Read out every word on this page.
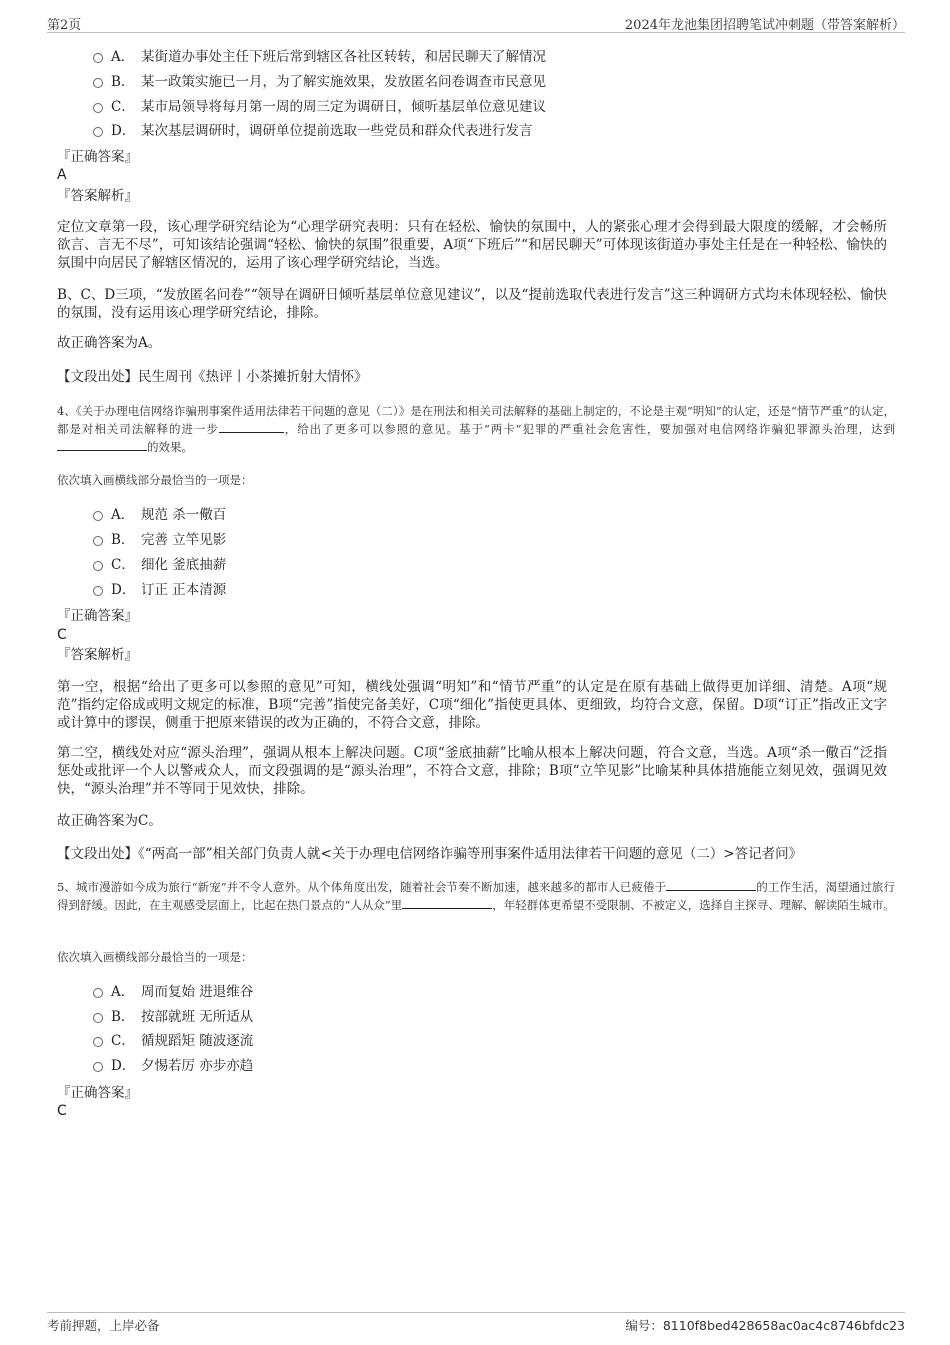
第2页	2024年龙池集团招聘笔试冲刺题（带答案解析）
A． 某街道办事处主任下班后常到辖区各社区转转，和居民聊天了解情况
B． 某一政策实施已一月，为了解实施效果，发放匿名问卷调查市民意见
C． 某市局领导将每月第一周的周三定为调研日，倾听基层单位意见建议
D． 某次基层调研时，调研单位提前选取一些党员和群众代表进行发言
『正确答案』
A
『答案解析』
定位文章第一段，该心理学研究结论为“心理学研究表明：只有在轻松、愉快的氛围中，人的紧张心理才会得到最大限度的缓解，才会畅所欲言、言无不尽”，可知该结论强调“轻松、愉快的氛围”很重要，A项“下班后”“和居民聊天”可体现该街道办事处主任是在一种轻松、愉快的氛围中向居民了解辖区情况的，运用了该心理学研究结论，当选。
B、C、D三项，“发放匿名问卷”“领导在调研日倾听基层单位意见建议”，以及“提前选取代表进行发言”这三种调研方式均未体现轻松、愉快的氛围，没有运用该心理学研究结论，排除。
故正确答案为A。
【文段出处】民生周刊《热评丨小茶摊折射大情怀》
4、《关于办理电信网络诈骗刑事案件适用法律若干问题的意见（二）》是在刑法和相关司法解释的基础上制定的，不论是主观“明知”的认定，还是“情节严重”的认定，都是对相关司法解释的进一步	，给出了更多可以参照的意见。基于“两卡”犯罪的严重社会危害性，要加强对电信网络诈骗犯罪源头治理，达到的效果。
依次填入画横线部分最恰当的一项是：
A． 规范 杀一儆百
B． 完善 立竿见影
C． 细化 釜底抽薪
D． 订正 正本清源
『正确答案』
C
『答案解析』
第一空，根据“给出了更多可以参照的意见”可知，横线处强调“明知”和“情节严重”的认定是在原有基础上做得更加详细、清楚。A项“规范”指约定俗成或明文规定的标准，B项“完善”指使完备美好，C项“细化”指使更具体、更细致，均符合文意，保留。D项“订正”指改正文字或计算中的谬误，侧重于把原来错误的改为正确的，不符合文意，排除。
第二空，横线处对应“源头治理”，强调从根本上解决问题。C项“釜底抽薪”比喻从根本上解决问题，符合文意，当选。A项“杀一儆百”泛指惩处或批评一个人以警戒众人，而文段强调的是“源头治理”，不符合文意，排除；B项“立竿见影”比喻某种具体措施能立刻见效，强调见效快，“源头治理”并不等同于见效快，排除。
故正确答案为C。
【文段出处】《“两高一部”相关部门负责人就<关于办理电信网络诈骗等刑事案件适用法律若干问题的意见（二）>答记者问》
5、城市漫游如今成为旅行“新宠”并不令人意外。从个体角度出发，随着社会节奏不断加速，越来越多的都市人已疲倦于	的工作生活，渴望通过旅行得到舒缓。因此，在主观感受层面上，比起在热门景点的“人从众”里	，年轻群体更希望不受限制、不被定义，选择自主探寻、理解、解读陌生城市。
依次填入画横线部分最恰当的一项是：
A． 周而复始 进退维谷
B． 按部就班 无所适从
C． 循规蹈矩 随波逐流
D． 夕惕若厉 亦步亦趋
『正确答案』
C
考前押题，上岸必备	编号：8110f8bed428658ac0ac4c8746bfdc23
